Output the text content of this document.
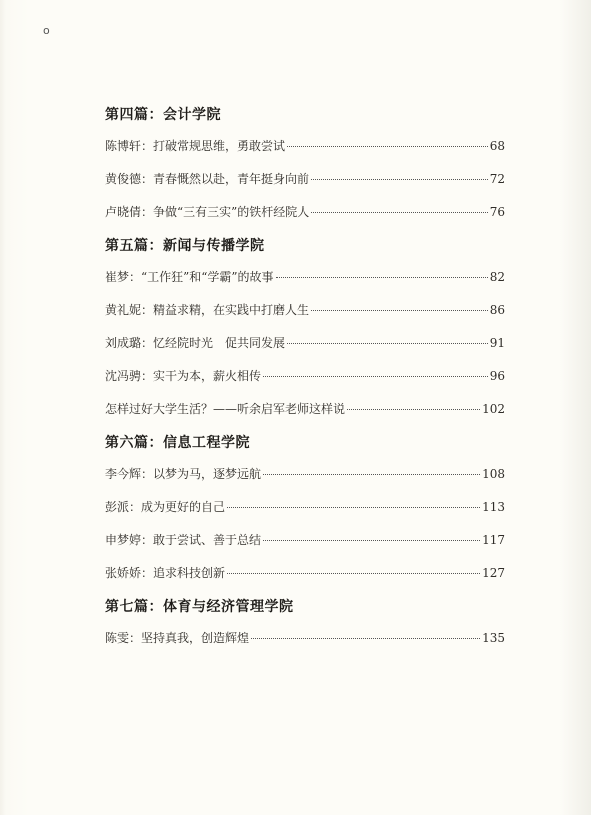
o
第四篇：会计学院
陈博轩：打破常规思维，勇敢尝试	68
黄俊德：青春慨然以赴，青年挺身向前	72
卢晓倩：争做“三有三实”的铁杆经院人	76
第五篇：新闻与传播学院
崔梦：“工作狂”和“学霸”的故事	82
黄礼妮：精益求精，在实践中打磨人生	86
刘成璐：忆经院时光　促共同发展	91
沈冯骋：实干为本，薪火相传	96
怎样过好大学生活？——听余启军老师这样说	102
第六篇：信息工程学院
李今辉：以梦为马，逐梦远航	108
彭派：成为更好的自己	113
申梦婷：敢于尝试、善于总结	117
张娇娇：追求科技创新	127
第七篇：体育与经济管理学院
陈雯：坚持真我，创造辉煌	135
